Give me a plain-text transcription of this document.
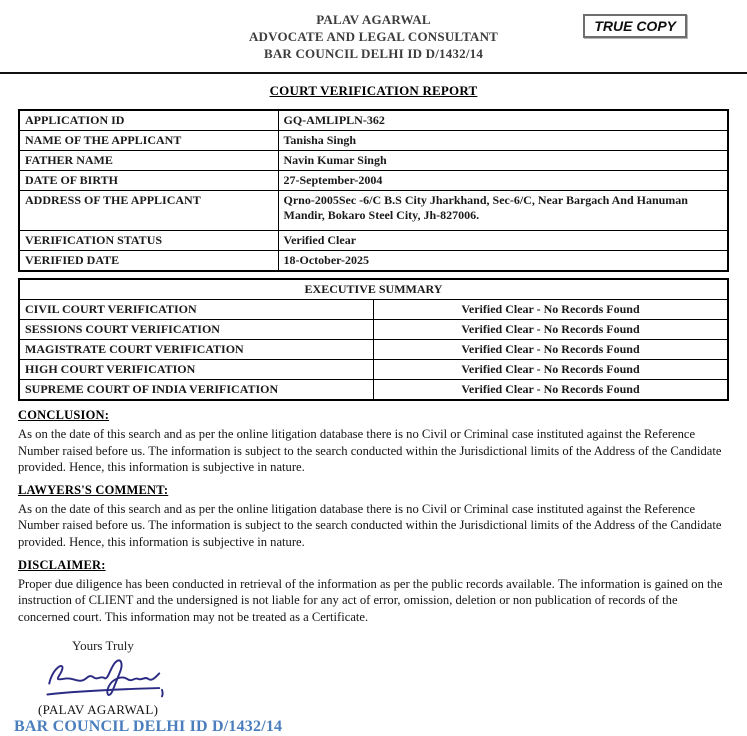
PALAV AGARWAL
ADVOCATE AND LEGAL CONSULTANT
BAR COUNCIL DELHI ID D/1432/14
TRUE COPY
COURT VERIFICATION REPORT
APPLICATION ID	GQ-AMLIPLN-362
NAME OF THE APPLICANT	Tanisha Singh
FATHER NAME	Navin Kumar Singh
DATE OF BIRTH	27-September-2004
ADDRESS OF THE APPLICANT	Qrno-2005Sec -6/C B.S City Jharkhand, Sec-6/C, Near Bargach And Hanuman Mandir, Bokaro Steel City, Jh-827006.
VERIFICATION STATUS	Verified Clear
VERIFIED DATE	18-October-2025
EXECUTIVE SUMMARY	
CIVIL COURT VERIFICATION	Verified Clear - No Records Found
SESSIONS COURT VERIFICATION	Verified Clear - No Records Found
MAGISTRATE COURT VERIFICATION	Verified Clear - No Records Found
HIGH COURT VERIFICATION	Verified Clear - No Records Found
SUPREME COURT OF INDIA VERIFICATION	Verified Clear - No Records Found
CONCLUSION:
As on the date of this search and as per the online litigation database there is no Civil or Criminal case instituted against the Reference Number raised before us. The information is subject to the search conducted within the Jurisdictional limits of the Address of the Candidate provided. Hence, this information is subjective in nature.
LAWYERS'S COMMENT:
As on the date of this search and as per the online litigation database there is no Civil or Criminal case instituted against the Reference Number raised before us. The information is subject to the search conducted within the Jurisdictional limits of the Address of the Candidate provided. Hence, this information is subjective in nature.
DISCLAIMER:
Proper due diligence has been conducted in retrieval of the information as per the public records available. The information is gained on the instruction of CLIENT and the undersigned is not liable for any act of error, omission, deletion or non publication of records of the concerned court. This information may not be treated as a Certificate.
Yours Truly
(PALAV AGARWAL)
BAR COUNCIL DELHI ID D/1432/14
